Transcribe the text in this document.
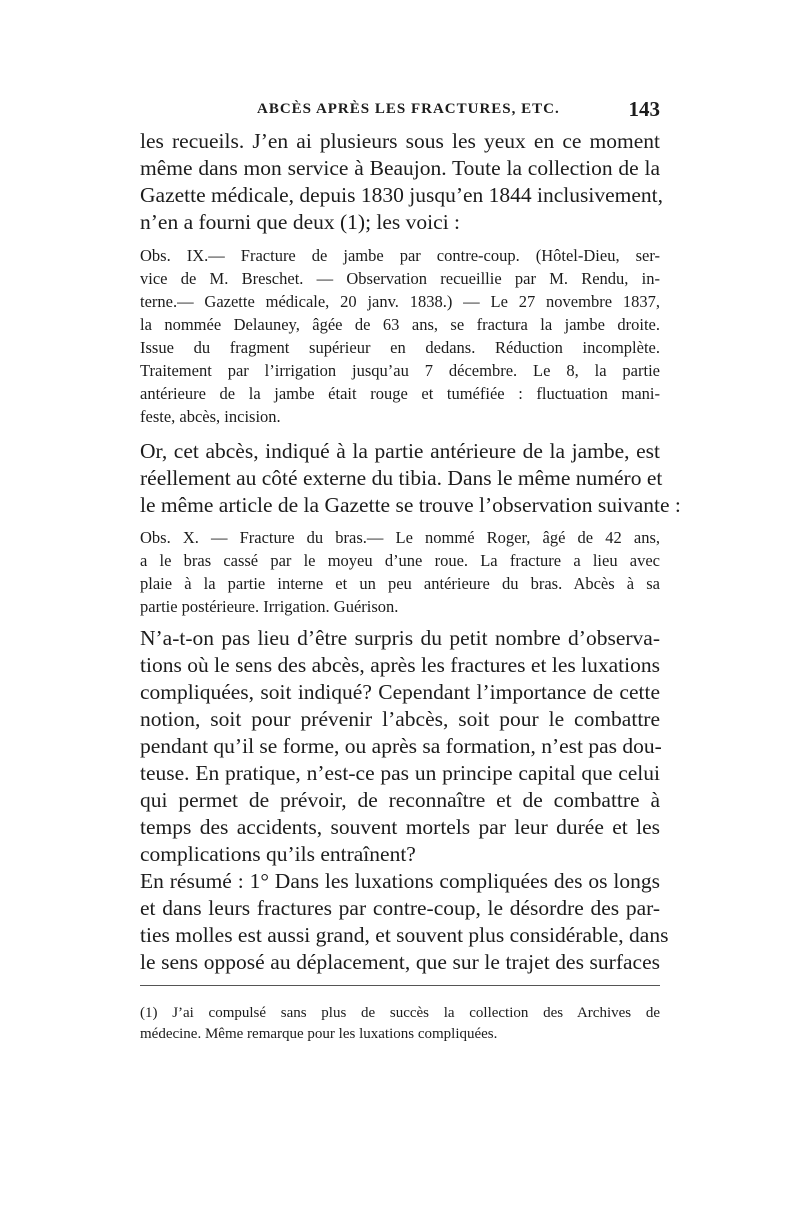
ABCÈS APRÈS LES FRACTURES, ETC.	143
les recueils. J’en ai plusieurs sous les yeux en ce moment
même dans mon service à Beaujon. Toute la collection de la
Gazette médicale, depuis 1830 jusqu’en 1844 inclusivement,
n’en a fourni que deux (1); les voici :
Obs. IX.— Fracture de jambe par contre-coup. (Hôtel-Dieu, ser-
vice de M. Breschet. — Observation recueillie par M. Rendu, in-
terne.— Gazette médicale, 20 janv. 1838.) — Le 27 novembre 1837,
la nommée Delauney, âgée de 63 ans, se fractura la jambe droite.
Issue du fragment supérieur en dedans. Réduction incomplète.
Traitement par l’irrigation jusqu’au 7 décembre. Le 8, la partie
antérieure de la jambe était rouge et tuméfiée : fluctuation mani-
feste, abcès, incision.
Or, cet abcès, indiqué à la partie antérieure de la jambe, est
réellement au côté externe du tibia. Dans le même numéro et
le même article de la Gazette se trouve l’observation suivante :
Obs. X. — Fracture du bras.— Le nommé Roger, âgé de 42 ans,
a le bras cassé par le moyeu d’une roue. La fracture a lieu avec
plaie à la partie interne et un peu antérieure du bras. Abcès à sa
partie postérieure. Irrigation. Guérison.
N’a-t-on pas lieu d’être surpris du petit nombre d’observa-
tions où le sens des abcès, après les fractures et les luxations
compliquées, soit indiqué? Cependant l’importance de cette
notion, soit pour prévenir l’abcès, soit pour le combattre
pendant qu’il se forme, ou après sa formation, n’est pas dou-
teuse. En pratique, n’est-ce pas un principe capital que celui
qui permet de prévoir, de reconnaître et de combattre à
temps des accidents, souvent mortels par leur durée et les
complications qu’ils entraînent?
En résumé : 1° Dans les luxations compliquées des os longs
et dans leurs fractures par contre-coup, le désordre des par-
ties molles est aussi grand, et souvent plus considérable, dans
le sens opposé au déplacement, que sur le trajet des surfaces
(1) J’ai compulsé sans plus de succès la collection des Archives de
médecine. Même remarque pour les luxations compliquées.
